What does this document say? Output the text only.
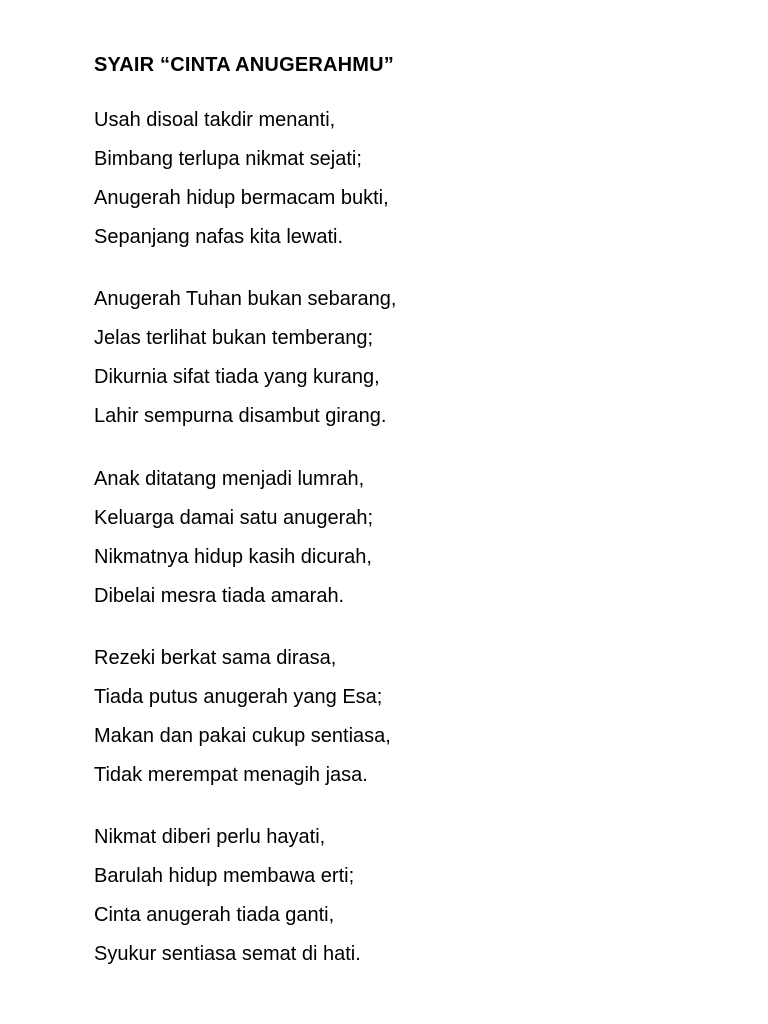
SYAIR “CINTA ANUGERAHMU”
Usah disoal takdir menanti,
Bimbang terlupa nikmat sejati;
Anugerah hidup bermacam bukti,
Sepanjang nafas kita lewati.
Anugerah Tuhan bukan sebarang,
Jelas terlihat bukan temberang;
Dikurnia sifat tiada yang kurang,
Lahir sempurna disambut girang.
Anak ditatang menjadi lumrah,
Keluarga damai satu anugerah;
Nikmatnya hidup kasih dicurah,
Dibelai mesra tiada amarah.
Rezeki berkat sama dirasa,
Tiada putus anugerah yang Esa;
Makan dan pakai cukup sentiasa,
Tidak merempat menagih jasa.
Nikmat diberi perlu hayati,
Barulah hidup membawa erti;
Cinta anugerah tiada ganti,
Syukur sentiasa semat di hati.
